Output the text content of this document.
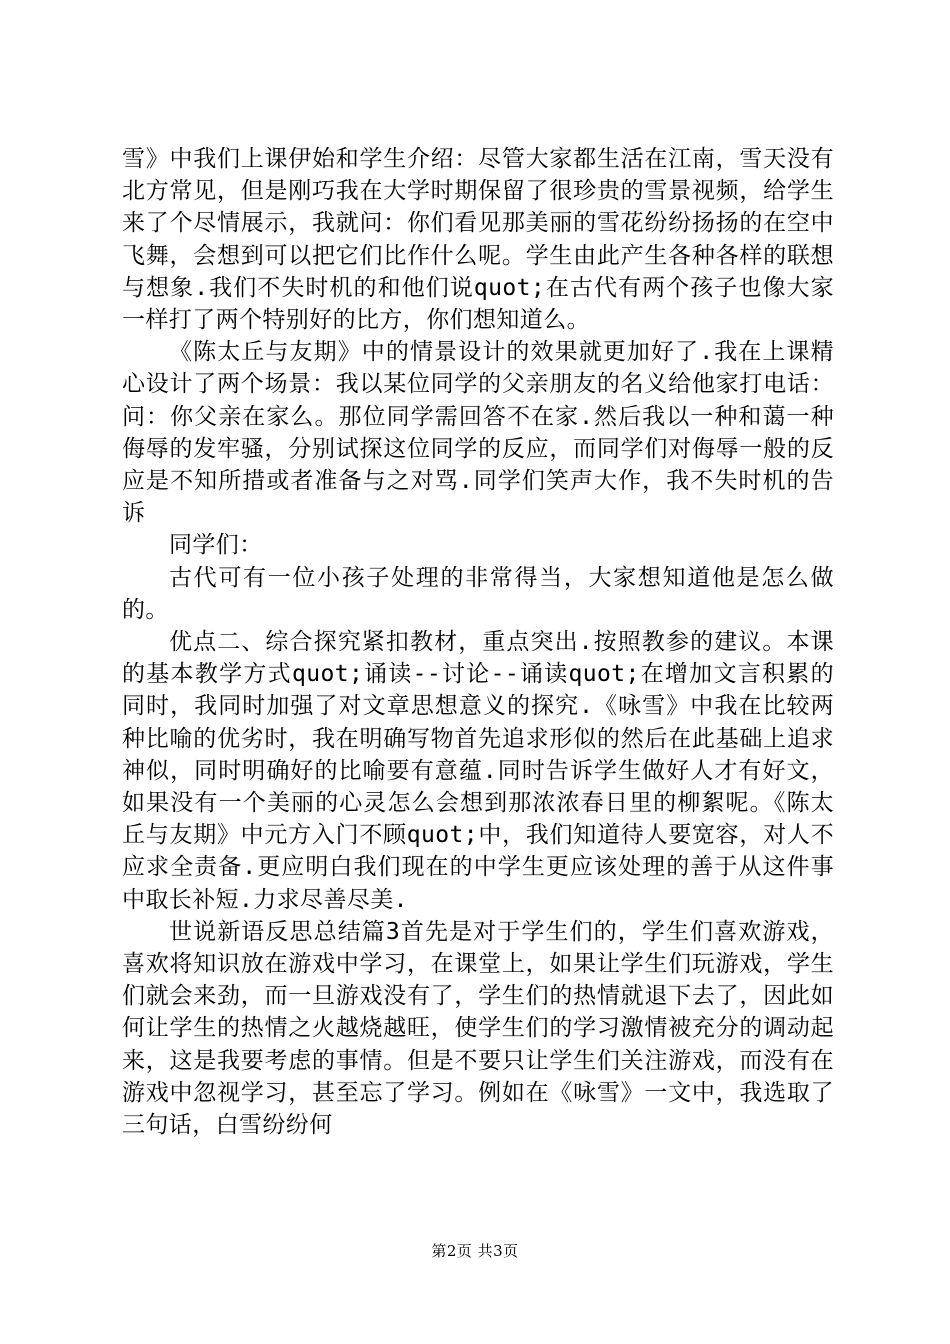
雪》中我们上课伊始和学生介绍：尽管大家都生活在江南，雪天没有北方常见，但是刚巧我在大学时期保留了很珍贵的雪景视频，给学生来了个尽情展示，我就问：你们看见那美丽的雪花纷纷扬扬的在空中飞舞，会想到可以把它们比作什么呢。学生由此产生各种各样的联想与想象.我们不失时机的和他们说quot;在古代有两个孩子也像大家一样打了两个特别好的比方，你们想知道么。

《陈太丘与友期》中的情景设计的效果就更加好了.我在上课精心设计了两个场景：我以某位同学的父亲朋友的名义给他家打电话：问：你父亲在家么。那位同学需回答不在家.然后我以一种和蔼一种侮辱的发牢骚，分别试探这位同学的反应，而同学们对侮辱一般的反应是不知所措或者准备与之对骂.同学们笑声大作，我不失时机的告诉

同学们：

古代可有一位小孩子处理的非常得当，大家想知道他是怎么做的。

优点二、综合探究紧扣教材，重点突出.按照教参的建议。本课的基本教学方式quot;诵读--讨论--诵读quot;在增加文言积累的同时，我同时加强了对文章思想意义的探究.《咏雪》中我在比较两种比喻的优劣时，我在明确写物首先追求形似的然后在此基础上追求神似，同时明确好的比喻要有意蕴.同时告诉学生做好人才有好文，如果没有一个美丽的心灵怎么会想到那浓浓春日里的柳絮呢。《陈太丘与友期》中元方入门不顾quot;中，我们知道待人要宽容，对人不应求全责备.更应明白我们现在的中学生更应该处理的善于从这件事中取长补短.力求尽善尽美.

世说新语反思总结篇3首先是对于学生们的，学生们喜欢游戏，喜欢将知识放在游戏中学习，在课堂上，如果让学生们玩游戏，学生们就会来劲，而一旦游戏没有了，学生们的热情就退下去了，因此如何让学生的热情之火越烧越旺，使学生们的学习激情被充分的调动起来，这是我要考虑的事情。但是不要只让学生们关注游戏，而没有在游戏中忽视学习，甚至忘了学习。例如在《咏雪》一文中，我选取了三句话，白雪纷纷何

第2页 共3页
